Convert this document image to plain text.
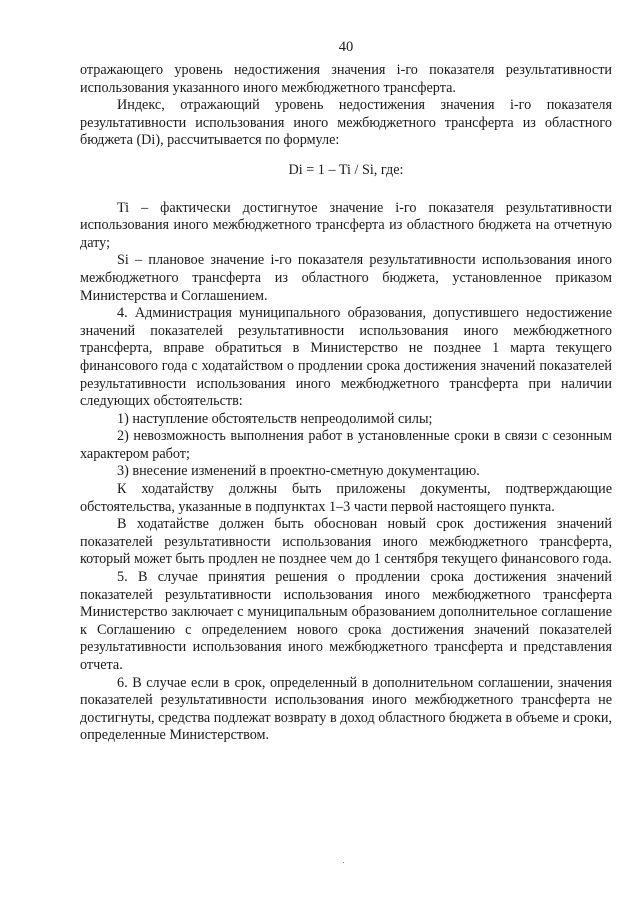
40

отражающего уровень недостижения значения i-го показателя результативности использования указанного иного межбюджетного трансферта.

Индекс, отражающий уровень недостижения значения i-го показателя результативности использования иного межбюджетного трансферта из областного бюджета (Di), рассчитывается по формуле:

Di = 1 – Ti / Si, где:

Ti – фактически достигнутое значение i-го показателя результативности использования иного межбюджетного трансферта из областного бюджета на отчетную дату;

Si – плановое значение i-го показателя результативности использования иного межбюджетного трансферта из областного бюджета, установленное приказом Министерства и Соглашением.

4. Администрация муниципального образования, допустившего недостижение значений показателей результативности использования иного межбюджетного трансферта, вправе обратиться в Министерство не позднее 1 марта текущего финансового года с ходатайством о продлении срока достижения значений показателей результативности использования иного межбюджетного трансферта при наличии следующих обстоятельств:

1) наступление обстоятельств непреодолимой силы;

2) невозможность выполнения работ в установленные сроки в связи с сезонным характером работ;

3) внесение изменений в проектно-сметную документацию.

К ходатайству должны быть приложены документы, подтверждающие обстоятельства, указанные в подпунктах 1–3 части первой настоящего пункта.

В ходатайстве должен быть обоснован новый срок достижения значений показателей результативности использования иного межбюджетного трансферта, который может быть продлен не позднее чем до 1 сентября текущего финансового года.

5. В случае принятия решения о продлении срока достижения значений показателей результативности использования иного межбюджетного трансферта Министерство заключает с муниципальным образованием дополнительное соглашение к Соглашению с определением нового срока достижения значений показателей результативности использования иного межбюджетного трансферта и представления отчета.

6. В случае если в срок, определенный в дополнительном соглашении, значения показателей результативности использования иного межбюджетного трансферта не достигнуты, средства подлежат возврату в доход областного бюджета в объеме и сроки, определенные Министерством.
